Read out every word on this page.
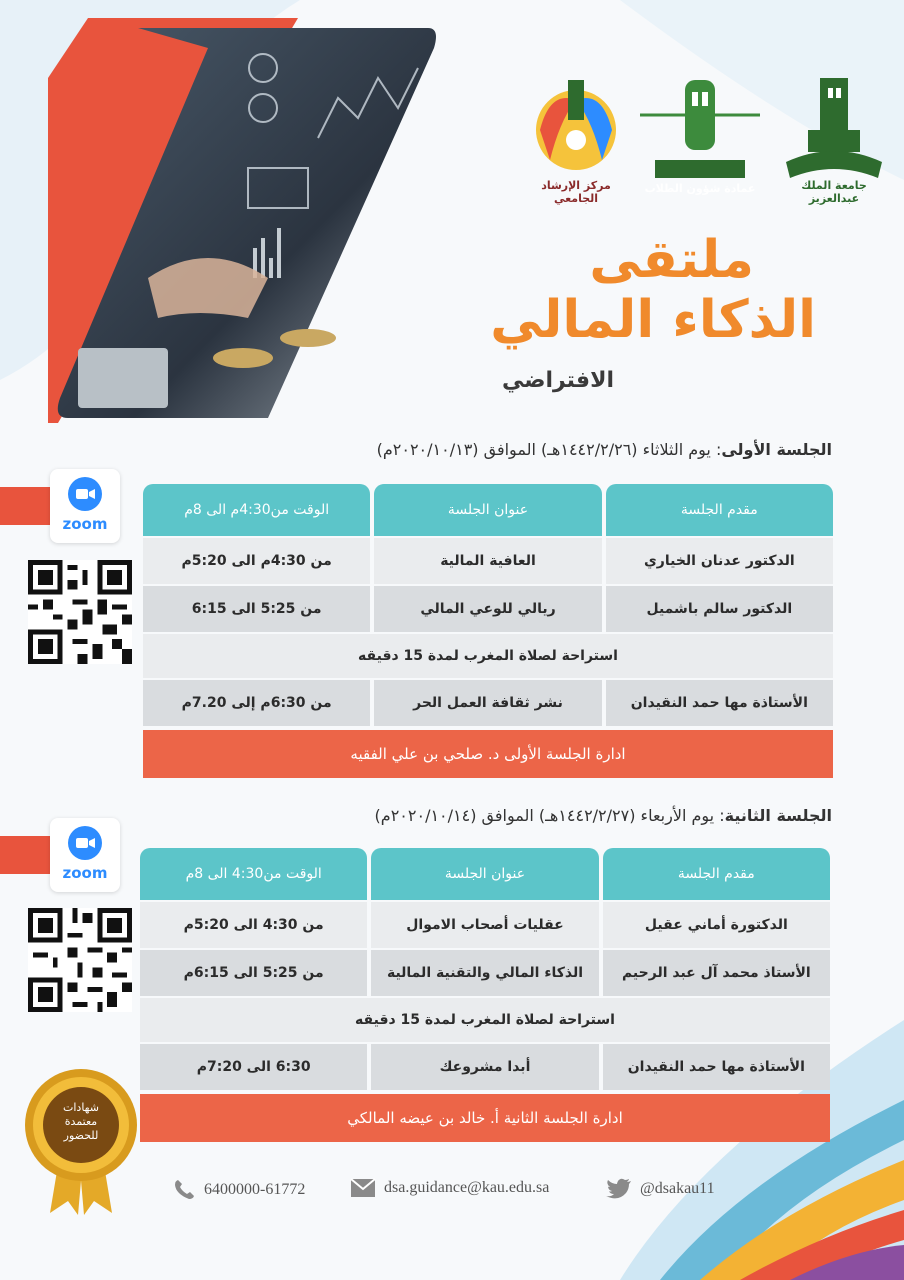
مركز الإرشاد الجامعي
عمادة شؤون الطلاب	جامعة الملك عبدالعزيز
ملتقى
الذكاء المالي
الافتراضي
الجلسة الأولى: يوم الثلاثاء (١٤٤٢/٢/٢٦هـ) الموافق (٢٠٢٠/١٠/١٣م)
zoom
الوقت من4:30م الى 8م	عنوان الجلسة	مقدم الجلسة
من 4:30م الى 5:20م	العافية المالية	الدكتور عدنان الخياري
من 5:25 الى 6:15	ريالي للوعي المالي	الدكتور سالم باشميل
استراحة لصلاة المغرب لمدة 15 دقيقه
من 6:30م إلى 7.20م	نشر ثقافة العمل الحر	الأستاذة مها حمد النقيدان
ادارة الجلسة الأولى د. صلحي بن علي الفقيه
الجلسة الثانية: يوم الأربعاء (١٤٤٢/٢/٢٧هـ) الموافق (٢٠٢٠/١٠/١٤م)
zoom	الوقت من4:30 الى 8م	عنوان الجلسة	مقدم الجلسة
من 4:30 الى 5:20م	عقليات أصحاب الاموال	الدكتورة أماني عقيل
من 5:25 الى 6:15م	الذكاء المالي والتقنية المالية	الأستاذ محمد آل عبد الرحيم
استراحة لصلاة المغرب لمدة 15 دقيقه
6:30 الى 7:20م	أبدا مشروعك	الأستاذة مها حمد النقيدان
ادارة الجلسة الثانية أ. خالد بن عيضه المالكي
شهادات
معتمدة
للحضور
6400000-61772	dsa.guidance@kau.edu.sa	@dsakau11
